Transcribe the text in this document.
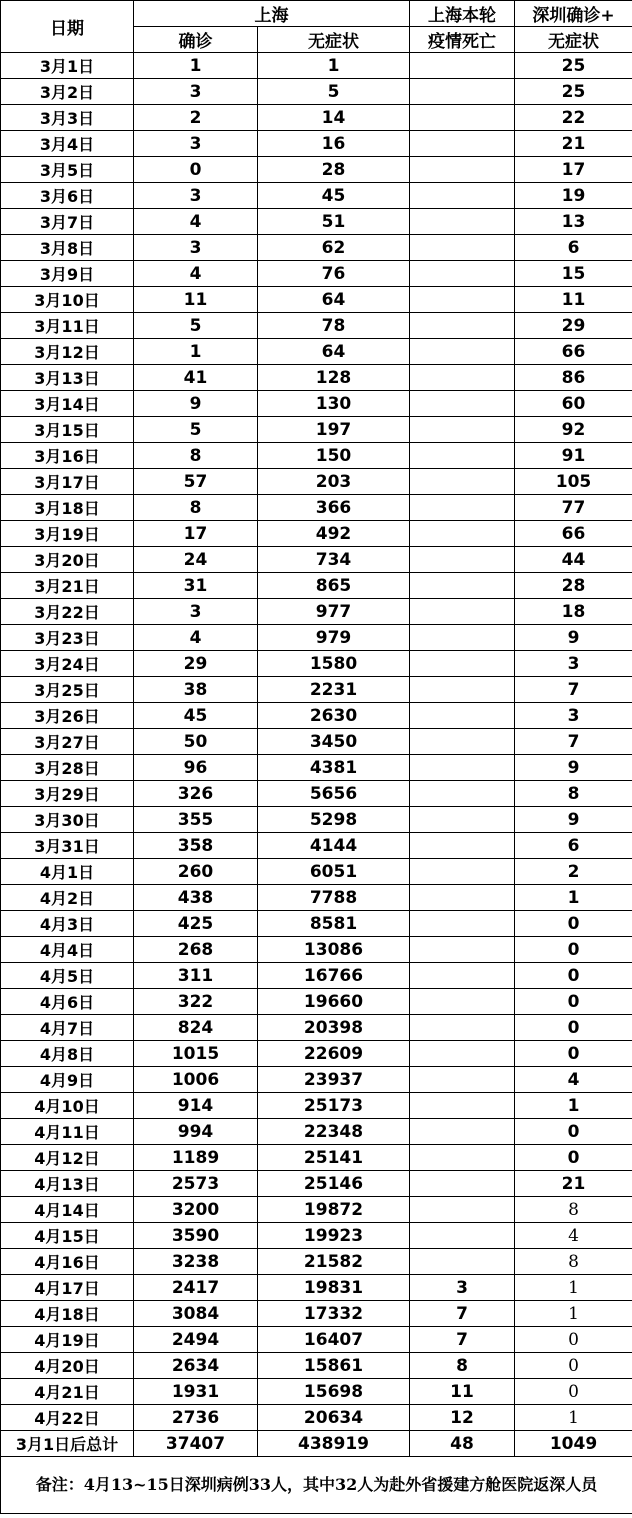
日期	上海		上海本轮	深圳确诊+
	确诊	无症状	疫情死亡	无症状
3月1日	1	1		25
3月2日	3	5		25
3月3日	2	14		22
3月4日	3	16		21
3月5日	0	28		17
3月6日	3	45		19
3月7日	4	51		13
3月8日	3	62		6
3月9日	4	76		15
3月10日	11	64		11
3月11日	5	78		29
3月12日	1	64		66
3月13日	41	128		86
3月14日	9	130		60
3月15日	5	197		92
3月16日	8	150		91
3月17日	57	203		105
3月18日	8	366		77
3月19日	17	492		66
3月20日	24	734		44
3月21日	31	865		28
3月22日	3	977		18
3月23日	4	979		9
3月24日	29	1580		3
3月25日	38	2231		7
3月26日	45	2630		3
3月27日	50	3450		7
3月28日	96	4381		9
3月29日	326	5656		8
3月30日	355	5298		9
3月31日	358	4144		6
4月1日	260	6051		2
4月2日	438	7788		1
4月3日	425	8581		0
4月4日	268	13086		0
4月5日	311	16766		0
4月6日	322	19660		0
4月7日	824	20398		0
4月8日	1015	22609		0
4月9日	1006	23937		4
4月10日	914	25173		1
4月11日	994	22348		0
4月12日	1189	25141		0
4月13日	2573	25146		21
4月14日	3200	19872		8
4月15日	3590	19923		4
4月16日	3238	21582		8
4月17日	2417	19831	3	1
4月18日	3084	17332	7	1
4月19日	2494	16407	7	0
4月20日	2634	15861	8	0
4月21日	1931	15698	11	0
4月22日	2736	20634	12	1
3月1日后总计	37407	438919	48	1049
备注：4月13~15日深圳病例33人，其中32人为赴外省援建方舱医院返深人员				
